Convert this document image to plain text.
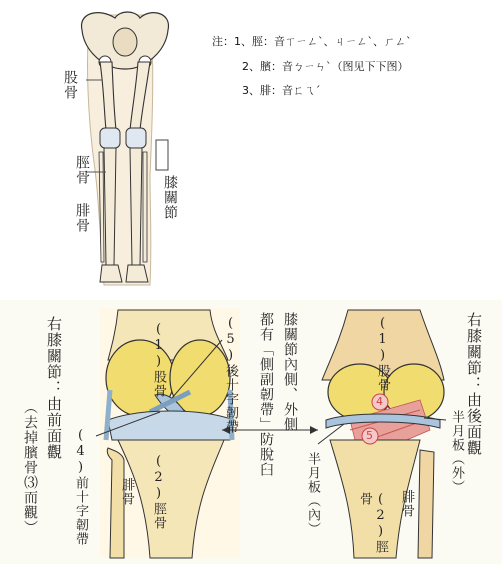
股骨
脛骨
腓骨	膝關節
注：1、脛：音ㄒㄧㄥˋ、ㄐㄧㄥˋ、ㄏㄥˋ
2、臏：音ㄅㄧㄣˋ（图见下下图）
3、腓：音ㄈㄟˊ
右膝關節：由前面觀
（去掉臏骨⑶而觀）
(1)股骨	(5)後十字韌帶
(4)前十字韌帶	(2)脛骨
腓骨
膝關節內側、外側
都有「側副韌帶」防脫臼	右膝關節：由後面觀
(1)股骨
4
5
半月板（內）	半月板（外）
(2)脛骨	腓骨
